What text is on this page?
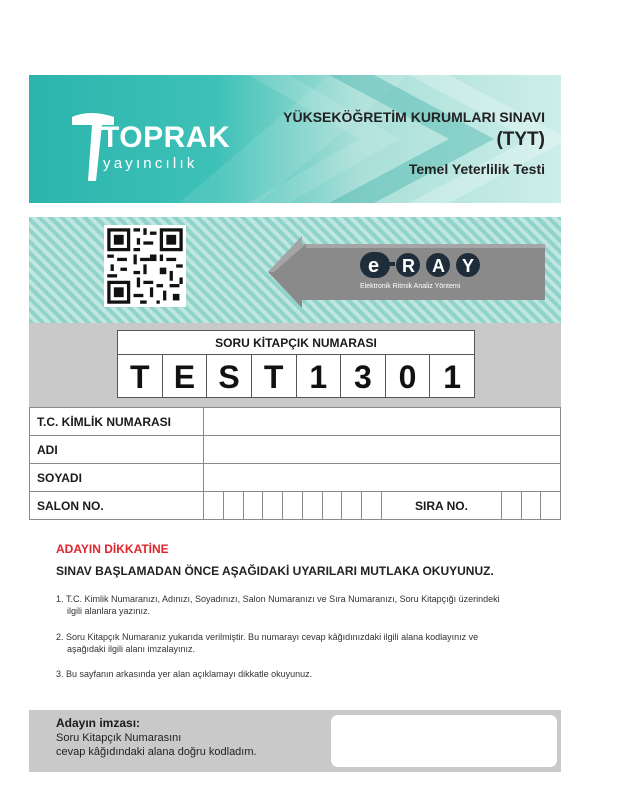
TOPRAK
yayıncılık
YÜKSEKÖĞRETİM KURUMLARI SINAVI
(TYT)
Temel Yeterlilik Testi
e R A Y
Elektronik Ritmik Analiz Yöntemi
SORU KİTAPÇIK NUMARASI
T E S T 1 3 0 1
T.C. KİMLİK NUMARASI			
ADI			
SOYADI			
SALON NO.		SIRA NO.	
ADAYIN DİKKATİNE
SINAV BAŞLAMADAN ÖNCE AŞAĞIDAKİ UYARILARI MUTLAKA OKUYUNUZ.
1. T.C. Kimlik Numaranızı, Adınızı, Soyadınızı, Salon Numaranızı ve Sıra Numaranızı, Soru Kitapçığı üzerindeki
ilgili alanlara yazınız.
2. Soru Kitapçık Numaranız yukarıda verilmiştir. Bu numarayı cevap kâğıdınızdaki ilgili alana kodlayınız ve
aşağıdaki ilgili alanı imzalayınız.
3. Bu sayfanın arkasında yer alan açıklamayı dikkatle okuyunuz.
Adayın imzası:
Soru Kitapçık Numarasını
cevap kâğıdındaki alana doğru kodladım.
